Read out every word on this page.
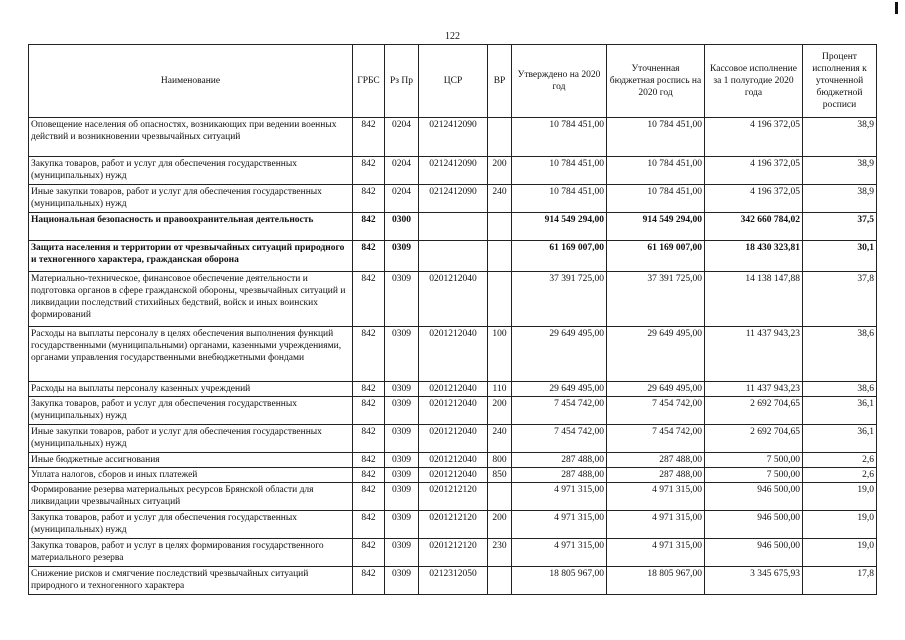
122
Наименование	ГРБС	Рз Пр	ЦСР	ВР	Утверждено на 2020 год	Уточненная бюджетная роспись на 2020 год	Кассовое исполнение за 1 полугодие 2020 года	Процент исполнения к уточненной бюджетной росписи
Оповещение населения об опасностях, возникающих при ведении военных действий и возникновении чрезвычайных ситуаций	842	0204	0212412090		10 784 451,00	10 784 451,00	4 196 372,05	38,9
Закупка товаров, работ и услуг для обеспечения государственных (муниципальных) нужд	842	0204	0212412090	200	10 784 451,00	10 784 451,00	4 196 372,05	38,9
Иные закупки товаров, работ и услуг для обеспечения государственных (муниципальных) нужд	842	0204	0212412090	240	10 784 451,00	10 784 451,00	4 196 372,05	38,9
Национальная безопасность и правоохранительная деятельность	842	0300			914 549 294,00	914 549 294,00	342 660 784,02	37,5
Защита населения и территории от чрезвычайных ситуаций природного и техногенного характера, гражданская оборона	842	0309			61 169 007,00	61 169 007,00	18 430 323,81	30,1
Материально-техническое, финансовое обеспечение деятельности и подготовка органов в сфере гражданской обороны, чрезвычайных ситуаций и ликвидации последствий стихийных бедствий, войск и иных воинских формирований	842	0309	0201212040		37 391 725,00	37 391 725,00	14 138 147,88	37,8
Расходы на выплаты персоналу в целях обеспечения выполнения функций государственными (муниципальными) органами, казенными учреждениями, органами управления государственными внебюджетными фондами	842	0309	0201212040	100	29 649 495,00	29 649 495,00	11 437 943,23	38,6
Расходы на выплаты персоналу казенных учреждений	842	0309	0201212040	110	29 649 495,00	29 649 495,00	11 437 943,23	38,6
Закупка товаров, работ и услуг для обеспечения государственных (муниципальных) нужд	842	0309	0201212040	200	7 454 742,00	7 454 742,00	2 692 704,65	36,1
Иные закупки товаров, работ и услуг для обеспечения государственных (муниципальных) нужд	842	0309	0201212040	240	7 454 742,00	7 454 742,00	2 692 704,65	36,1
Иные бюджетные ассигнования	842	0309	0201212040	800	287 488,00	287 488,00	7 500,00	2,6
Уплата налогов, сборов и иных платежей	842	0309	0201212040	850	287 488,00	287 488,00	7 500,00	2,6
Формирование резерва материальных ресурсов Брянской области для ликвидации чрезвычайных ситуаций	842	0309	0201212120		4 971 315,00	4 971 315,00	946 500,00	19,0
Закупка товаров, работ и услуг для обеспечения государственных (муниципальных) нужд	842	0309	0201212120	200	4 971 315,00	4 971 315,00	946 500,00	19,0
Закупка товаров, работ и услуг в целях формирования государственного материального резерва	842	0309	0201212120	230	4 971 315,00	4 971 315,00	946 500,00	19,0
Снижение рисков и смягчение последствий чрезвычайных ситуаций природного и техногенного характера	842	0309	0212312050		18 805 967,00	18 805 967,00	3 345 675,93	17,8
